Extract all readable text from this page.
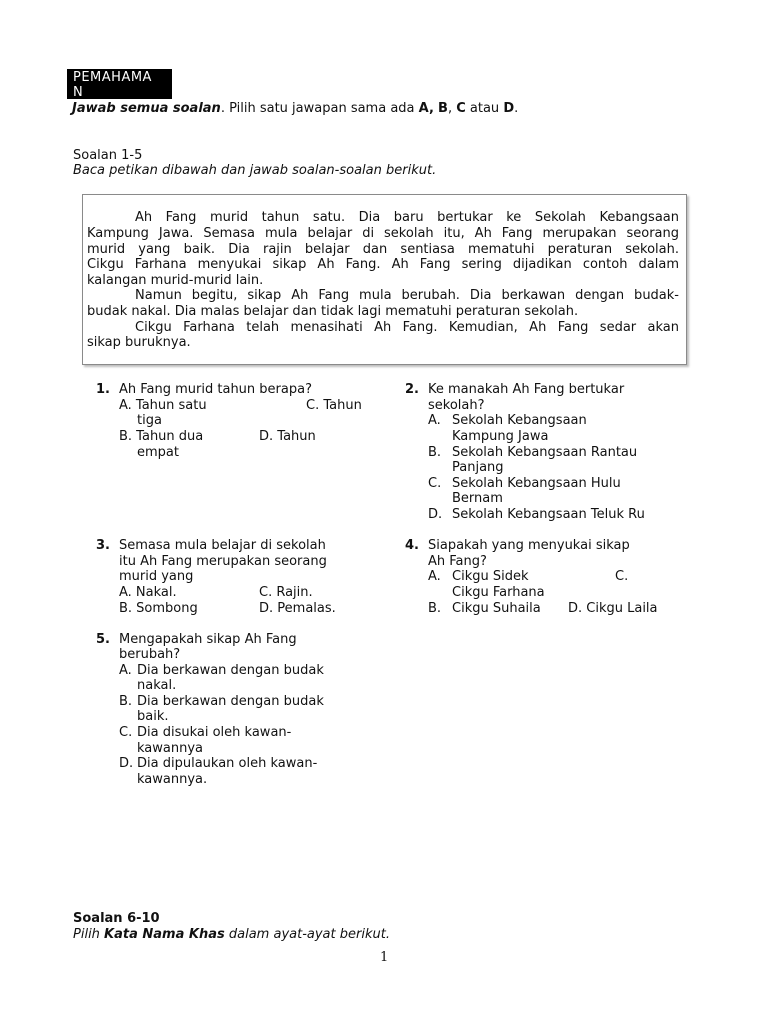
PEMAHAMA
N
Jawab semua soalan. Pilih satu jawapan sama ada A, B, C atau D.
Soalan 1-5
Baca petikan dibawah dan jawab soalan-soalan berikut.
Ah Fang murid tahun satu. Dia baru bertukar ke Sekolah Kebangsaan
Kampung Jawa. Semasa mula belajar di sekolah itu, Ah Fang merupakan seorang
murid yang baik. Dia rajin belajar dan sentiasa mematuhi peraturan sekolah.
Cikgu Farhana menyukai sikap Ah Fang. Ah Fang sering dijadikan contoh dalam
kalangan murid-murid lain.
Namun begitu, sikap Ah Fang mula berubah. Dia berkawan dengan budak-
budak nakal. Dia malas belajar dan tidak lagi mematuhi peraturan sekolah.
Cikgu Farhana telah menasihati Ah Fang. Kemudian, Ah Fang sedar akan
sikap buruknya.
1. Ah Fang murid tahun berapa?
A. Tahun satu	C. Tahun
tiga
B. Tahun dua	D. Tahun
empat
2. Ke manakah Ah Fang bertukar
sekolah?
A. Sekolah Kebangsaan
Kampung Jawa
B. Sekolah Kebangsaan Rantau
Panjang
C. Sekolah Kebangsaan Hulu
Bernam
D. Sekolah Kebangsaan Teluk Ru
3. Semasa mula belajar di sekolah
itu Ah Fang merupakan seorang
murid yang
A. Nakal.	C. Rajin.
B. Sombong	D. Pemalas.
4. Siapakah yang menyukai sikap
Ah Fang?
A. Cikgu Sidek	C.
Cikgu Farhana
B. Cikgu Suhaila D. Cikgu Laila
5. Mengapakah sikap Ah Fang
berubah?
A. Dia berkawan dengan budak
nakal.
B. Dia berkawan dengan budak
baik.
C. Dia disukai oleh kawan-
kawannya
D. Dia dipulaukan oleh kawan-
kawannya.
Soalan 6-10
Pilih Kata Nama Khas dalam ayat-ayat berikut.
1
